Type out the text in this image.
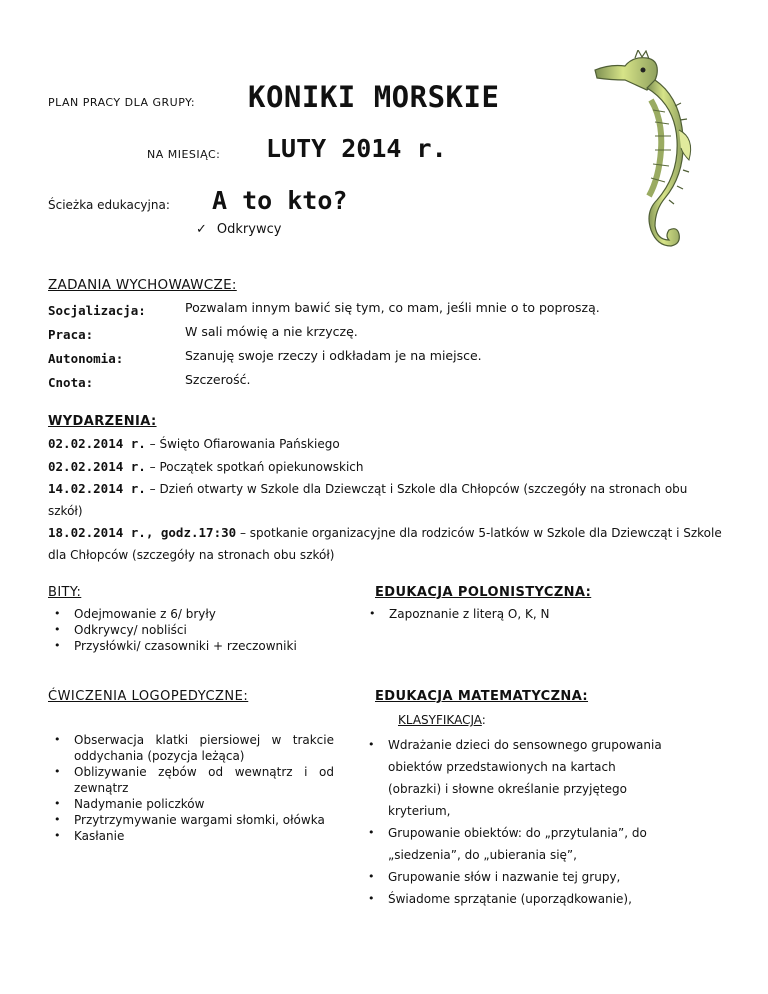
PLAN PRACY DLA GRUPY: KONIKI MORSKIE
NA MIESIĄC: LUTY 2014 r.
Ścieżka edukacyjna: A to kto?
✓ Odkrywcy
ZADANIA WYCHOWAWCZE:
Socjalizacja:	Pozwalam innym bawić się tym, co mam, jeśli mnie o to poproszą.
Praca:	W sali mówię a nie krzyczę.
Autonomia:	Szanuję swoje rzeczy i odkładam je na miejsce.
Cnota:	Szczerość.
WYDARZENIA:
02.02.2014 r. – Święto Ofiarowania Pańskiego
02.02.2014 r. – Początek spotkań opiekunowskich
14.02.2014 r. – Dzień otwarty w Szkole dla Dziewcząt i Szkole dla Chłopców (szczegóły na stronach obu szkół)
18.02.2014 r., godz.17:30 – spotkanie organizacyjne dla rodziców 5-latków w Szkole dla Dziewcząt i Szkole dla Chłopców (szczegóły na stronach obu szkół)
BITY:
• Odejmowanie z 6/ bryły
• Odkrywcy/ nobliści
• Przysłówki/ czasowniki + rzeczowniki
EDUKACJA POLONISTYCZNA:
• Zapoznanie z literą O, K, N
ĆWICZENIA LOGOPEDYCZNE:
• Obserwacja klatki piersiowej w trakcie oddychania (pozycja leżąca)
• Oblizywanie zębów od wewnątrz i od zewnątrz
• Nadymanie policzków
• Przytrzymywanie wargami słomki, ołówka
• Kasłanie
EDUKACJA MATEMATYCZNA:
KLASYFIKACJA:
• Wdrażanie dzieci do sensownego grupowania obiektów przedstawionych na kartach (obrazki) i słowne określanie przyjętego kryterium,
• Grupowanie obiektów: do „przytulania”, do „siedzenia”, do „ubierania się”,
• Grupowanie słów i nazwanie tej grupy,
• Świadome sprzątanie (uporządkowanie),
